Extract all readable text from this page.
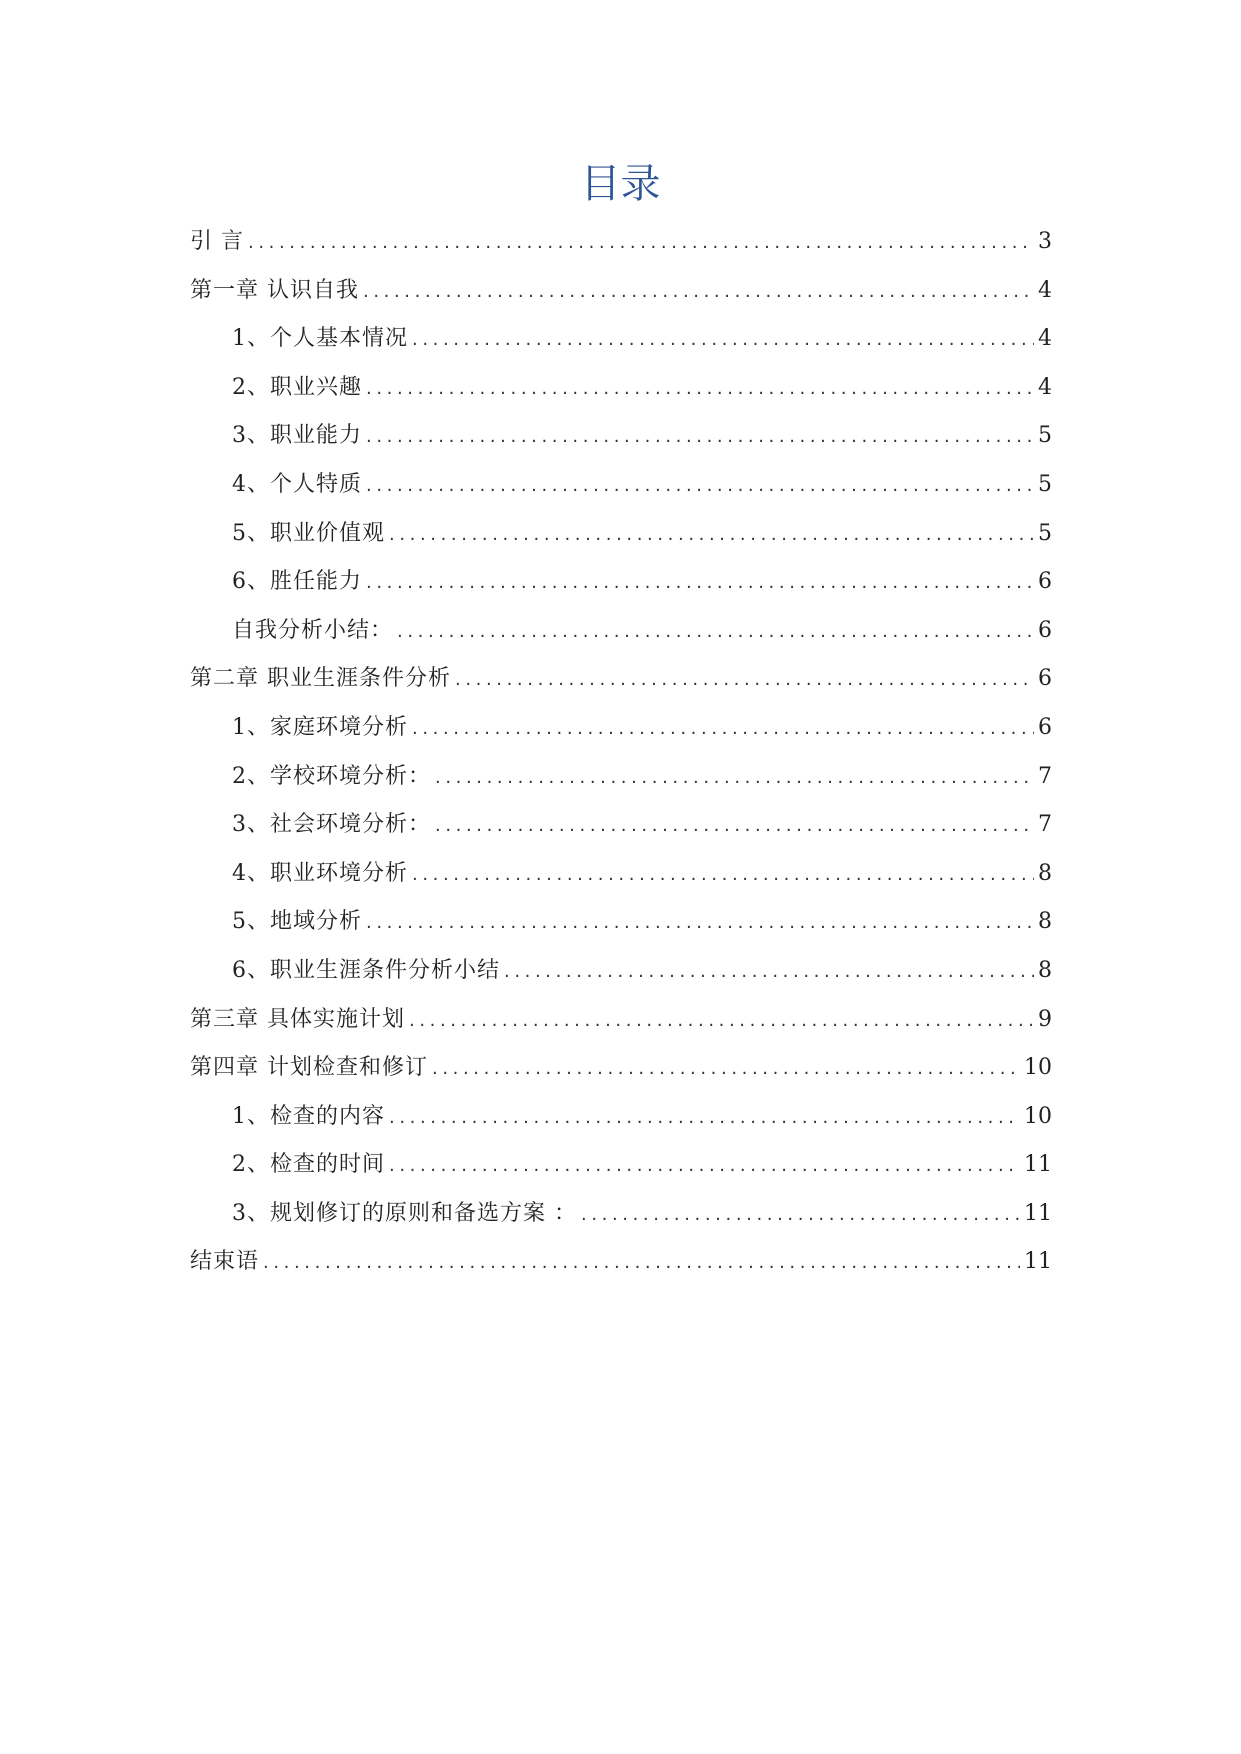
目录
引 言 .....	3
第一章 认识自我 .....	4
1、个人基本情况 .....	4
2、职业兴趣 .....	4
3、职业能力 .....	5
4、个人特质 .....	5
5、职业价值观 .....	5
6、胜任能力 .....	6
自我分析小结： .....	6
第二章 职业生涯条件分析 .....	6
1、家庭环境分析 .....	6
2、学校环境分析： .....	7
3、社会环境分析： .....	7
4、职业环境分析 .....	8
5、地域分析 .....	8
6、职业生涯条件分析小结 .....	8
第三章 具体实施计划 .....	9
第四章 计划检查和修订 .....	10
1、检查的内容 .....	10
2、检查的时间 .....	11
3、规划修订的原则和备选方案 ： .....	11
结束语 .....	11
